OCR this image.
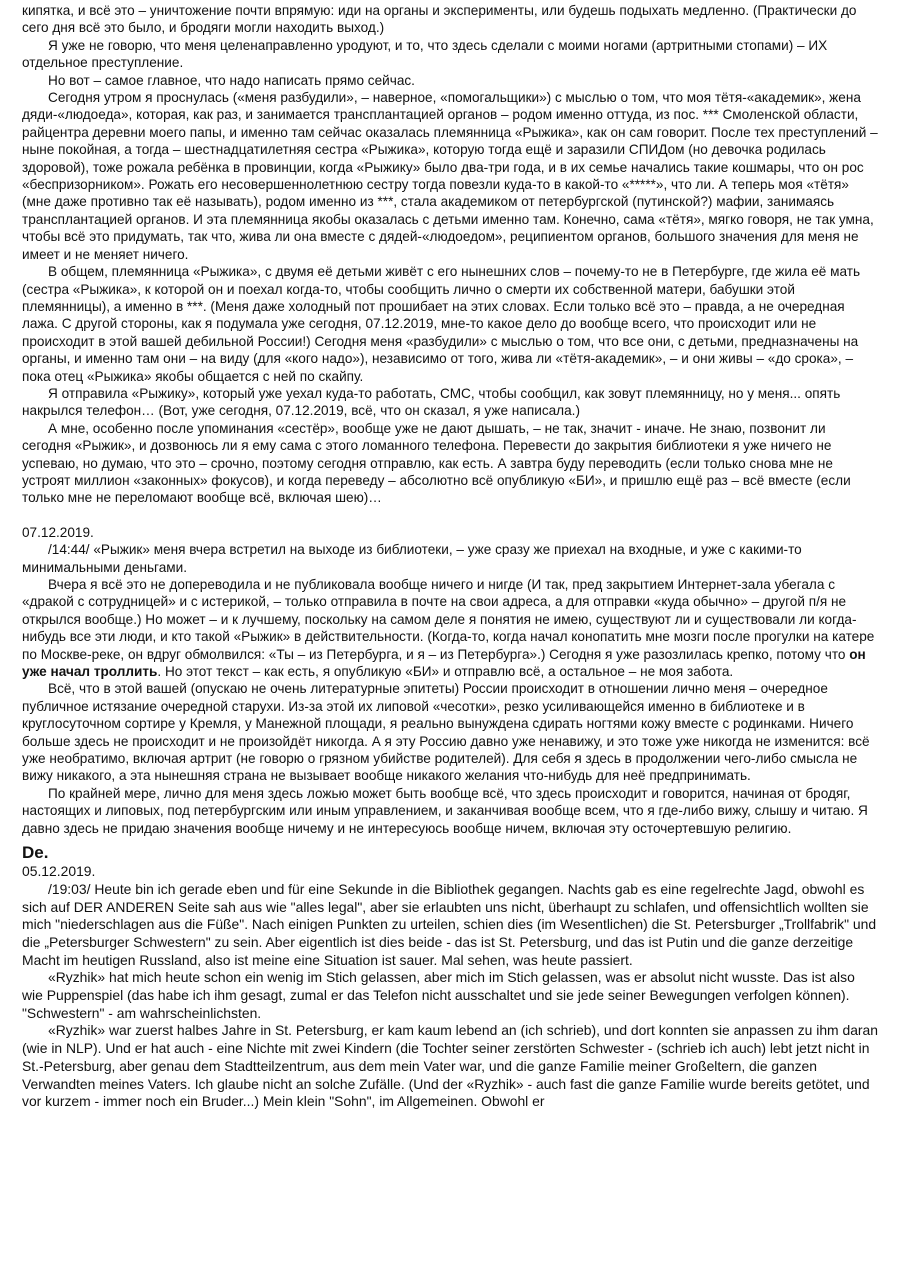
кипятка, и всё это – уничтожение почти впрямую: иди на органы и эксперименты, или будешь подыхать медленно. (Практически до сего дня всё это было, и бродяги могли находить выход.)

Я уже не говорю, что меня целенаправленно уродуют, и то, что здесь сделали с моими ногами (артритными стопами) – ИХ отдельное преступление.

Но вот – самое главное, что надо написать прямо сейчас.

Сегодня утром я проснулась («меня разбудили», – наверное, «помогальщики») с мыслью о том, что моя тётя-«академик», жена дяди-«людоеда», которая, как раз, и занимается трансплантацией органов – родом именно оттуда, из пос. *** Смоленской области, райцентра деревни моего папы, и именно там сейчас оказалась племянница «Рыжика», как он сам говорит. После тех преступлений – ныне покойная, а тогда – шестнадцатилетняя сестра «Рыжика», которую тогда ещё и заразили СПИДом (но девочка родилась здоровой), тоже рожала ребёнка в провинции, когда «Рыжику» было два-три года, и в их семье начались такие кошмары, что он рос «беспризорником». Рожать его несовершеннолетнюю сестру тогда повезли куда-то в какой-то «*****», что ли. А теперь моя «тётя» (мне даже противно так её называть), родом именно из ***, стала академиком от петербургской (путинской?) мафии, занимаясь трансплантацией органов. И эта племянница якобы оказалась с детьми именно там. Конечно, сама «тётя», мягко говоря, не так умна, чтобы всё это придумать, так что, жива ли она вместе с дядей-«людоедом», реципиентом органов, большого значения для меня не имеет и не меняет ничего.

В общем, племянница «Рыжика», с двумя её детьми живёт с его нынешних слов – почему-то не в Петербурге, где жила её мать (сестра «Рыжика», к которой он и поехал когда-то, чтобы сообщить лично о смерти их собственной матери, бабушки этой племянницы), а именно в ***. (Меня даже холодный пот прошибает на этих словах. Если только всё это – правда, а не очередная лажа. С другой стороны, как я подумала уже сегодня, 07.12.2019, мне-то какое дело до вообще всего, что происходит или не происходит в этой вашей дебильной России!) Сегодня меня «разбудили» с мыслью о том, что все они, с детьми, предназначены на органы, и именно там они – на виду (для «кого надо»), независимо от того, жива ли «тётя-академик», – и они живы – «до срока», – пока отец «Рыжика» якобы общается с ней по скайпу.

Я отправила «Рыжику», который уже уехал куда-то работать, СМС, чтобы сообщил, как зовут племянницу, но у меня... опять накрылся телефон… (Вот, уже сегодня, 07.12.2019, всё, что он сказал, я уже написала.)

А мне, особенно после упоминания «сестёр», вообще уже не дают дышать, – не так, значит - иначе. Не знаю, позвонит ли сегодня «Рыжик», и дозвонюсь ли я ему сама с этого ломанного телефона. Перевести до закрытия библиотеки я уже ничего не успеваю, но думаю, что это – срочно, поэтому сегодня отправлю, как есть. А завтра буду переводить (если только снова мне не устроят миллион «законных» фокусов), и когда переведу – абсолютно всё опубликую «БИ», и пришлю ещё раз – всё вместе (если только мне не переломают вообще всё, включая шею)…

07.12.2019.

/14:44/ «Рыжик» меня вчера встретил на выходе из библиотеки, – уже сразу же приехал на входные, и уже с какими-то минимальными деньгами.

Вчера я всё это не допереводила и не публиковала вообще ничего и нигде (И так, пред закрытием Интернет-зала убегала с «дракой с сотрудницей» и с истерикой, – только отправила в почте на свои адреса, а для отправки «куда обычно» – другой п/я не открылся вообще.) Но может – и к лучшему, поскольку на самом деле я понятия не имею, существуют ли и существовали ли когда-нибудь все эти люди, и кто такой «Рыжик» в действительности. (Когда-то, когда начал конопатить мне мозги после прогулки на катере по Москве-реке, он вдруг обмолвился: «Ты – из Петербурга, и я – из Петербурга».) Сегодня я уже разозлилась крепко, потому что он уже начал троллить. Но этот текст – как есть, я опубликую «БИ» и отправлю всё, а остальное – не моя забота.

Всё, что в этой вашей (опускаю не очень литературные эпитеты) России происходит в отношении лично меня – очередное публичное истязание очередной старухи. Из-за этой их липовой «чесотки», резко усиливающейся именно в библиотеке и в круглосуточном сортире у Кремля, у Манежной площади, я реально вынуждена сдирать ногтями кожу вместе с родинками. Ничего больше здесь не происходит и не произойдёт никогда. А я эту Россию давно уже ненавижу, и это тоже уже никогда не изменится: всё уже необратимо, включая артрит (не говорю о грязном убийстве родителей). Для себя я здесь в продолжении чего-либо смысла не вижу никакого, а эта нынешняя страна не вызывает вообще никакого желания что-нибудь для неё предпринимать.

По крайней мере, лично для меня здесь ложью может быть вообще всё, что здесь происходит и говорится, начиная от бродяг, настоящих и липовых, под петербургским или иным управлением, и заканчивая вообще всем, что я где-либо вижу, слышу и читаю. Я давно здесь не придаю значения вообще ничему и не интересуюсь вообще ничем, включая эту осточертевшую религию.

De.

05.12.2019.

/19:03/ Heute bin ich gerade eben und für eine Sekunde in die Bibliothek gegangen. Nachts gab es eine regelrechte Jagd, obwohl es sich auf DER ANDEREN Seite sah aus wie "alles legal", aber sie erlaubten uns nicht, überhaupt zu schlafen, und offensichtlich wollten sie mich "niederschlagen aus die Füße". Nach einigen Punkten zu urteilen, schien dies (im Wesentlichen) die St. Petersburger „Trollfabrik" und die „Petersburger Schwestern" zu sein. Aber eigentlich ist dies beide - das ist St. Petersburg, und das ist Putin und die ganze derzeitige Macht im heutigen Russland, also ist meine eine Situation ist sauer. Mal sehen, was heute passiert.

«Ryzhik» hat mich heute schon ein wenig im Stich gelassen, aber mich im Stich gelassen, was er absolut nicht wusste. Das ist also wie Puppenspiel (das habe ich ihm gesagt, zumal er das Telefon nicht ausschaltet und sie jede seiner Bewegungen verfolgen können). "Schwestern" - am wahrscheinlichsten.

«Ryzhik» war zuerst halbes Jahre in St. Petersburg, er kam kaum lebend an (ich schrieb), und dort konnten sie anpassen zu ihm daran (wie in NLP). Und er hat auch - eine Nichte mit zwei Kindern (die Tochter seiner zerstörten Schwester - (schrieb ich auch) lebt jetzt nicht in St.-Petersburg, aber genau dem Stadtteilzentrum, aus dem mein Vater war, und die ganze Familie meiner Großeltern, die ganzen Verwandten meines Vaters. Ich glaube nicht an solche Zufälle. (Und der «Ryzhik» - auch fast die ganze Familie wurde bereits getötet, und vor kurzem - immer noch ein Bruder...) Mein klein "Sohn", im Allgemeinen. Obwohl er
